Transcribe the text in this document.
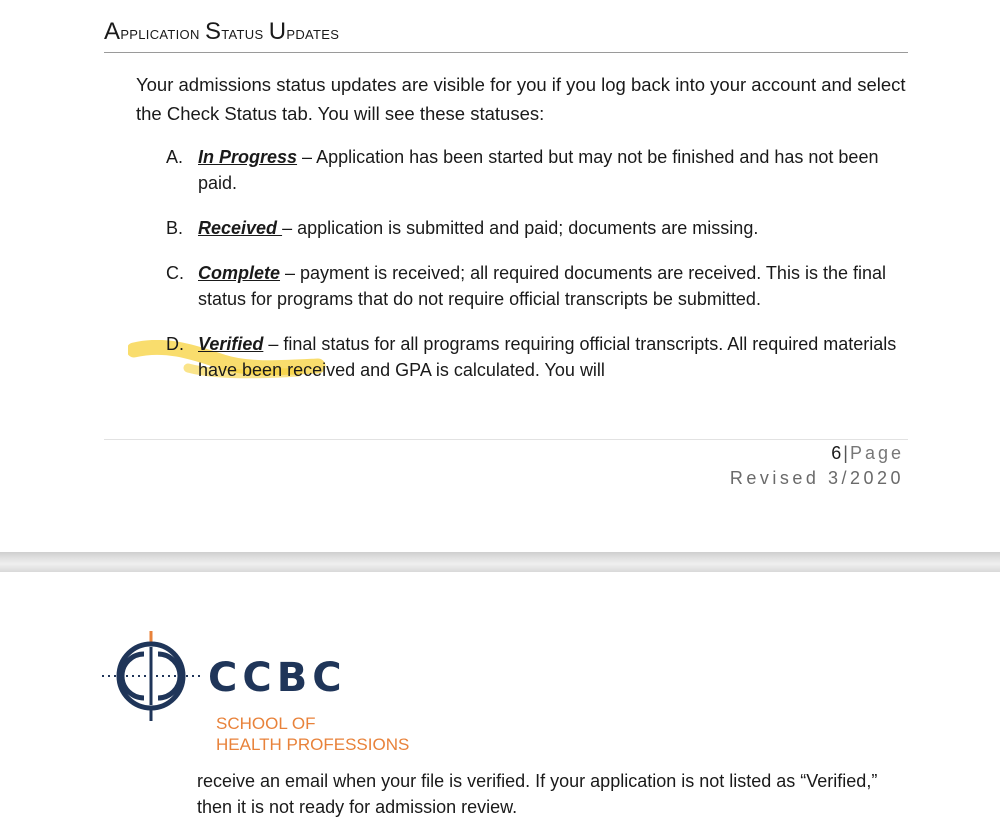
Application Status Updates

Your admissions status updates are visible for you if you log back into your account and select the Check Status tab. You will see these statuses:

A. In Progress – Application has been started but may not be finished and has not been paid.
B. Received – application is submitted and paid; documents are missing.
C. Complete – payment is received; all required documents are received. This is the final status for programs that do not require official transcripts be submitted.
D. Verified – final status for all programs requiring official transcripts. All required materials have been received and GPA is calculated. You will
6|Page
Revised 3/2020
CCBC
SCHOOL OF
HEALTH PROFESSIONS

receive an email when your file is verified. If your application is not listed as “Verified,” then it is not ready for admission review.
